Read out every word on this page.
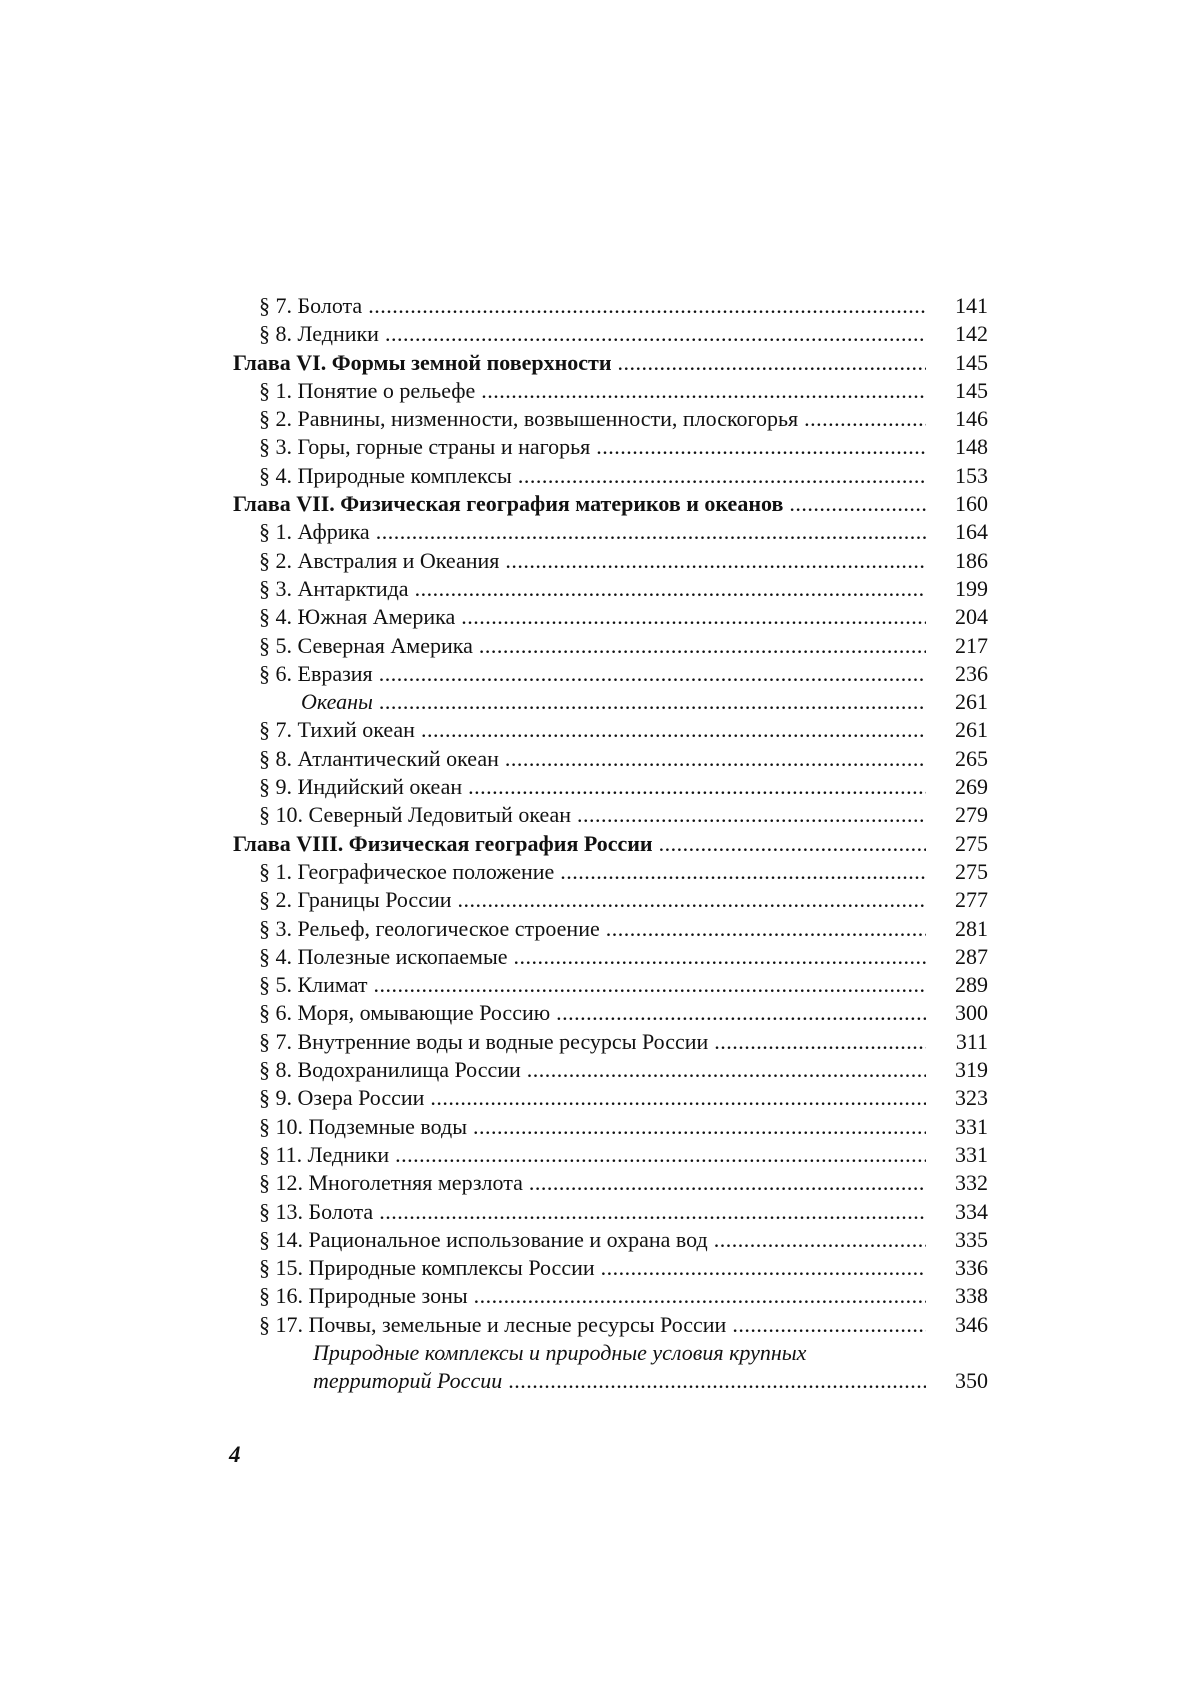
§ 7. Болота
.....	141
§ 8. Ледники
.....	142
Глава VI. Формы земной поверхности
.....	145
§ 1. Понятие о рельефе
.....	145
§ 2. Равнины, низменности, возвышенности, плоскогорья
.....	146
§ 3. Горы, горные страны и нагорья
.....	148
§ 4. Природные комплексы
.....	153
Глава VII. Физическая география материков и океанов
.....	160
§ 1. Африка
.....	164
§ 2. Австралия и Океания
.....	186
§ 3. Антарктида
.....	199
§ 4. Южная Америка
.....	204
§ 5. Северная Америка
.....	217
§ 6. Евразия
.....	236
Океаны
.....	261
§ 7. Тихий океан
.....	261
§ 8. Атлантический океан
.....	265
§ 9. Индийский океан
.....	269
§ 10. Северный Ледовитый океан
.....	279
Глава VIII. Физическая география России
.....	275
§ 1. Географическое положение
.....	275
§ 2. Границы России
.....	277
§ 3. Рельеф, геологическое строение
.....	281
§ 4. Полезные ископаемые
.....	287
§ 5. Климат
.....	289
§ 6. Моря, омывающие Россию
.....	300
§ 7. Внутренние воды и водные ресурсы России
.....	311
§ 8. Водохранилища России
.....	319
§ 9. Озера России
.....	323
§ 10. Подземные воды
.....	331
§ 11. Ледники
.....	331
§ 12. Многолетняя мерзлота
.....	332
§ 13. Болота
.....	334
§ 14. Рациональное использование и охрана вод
.....	335
§ 15. Природные комплексы России
.....	336
§ 16. Природные зоны
.....	338
§ 17. Почвы, земельные и лесные ресурсы России
.....	346
Природные комплексы и природные условия крупных
территорий России
.....	350
4
